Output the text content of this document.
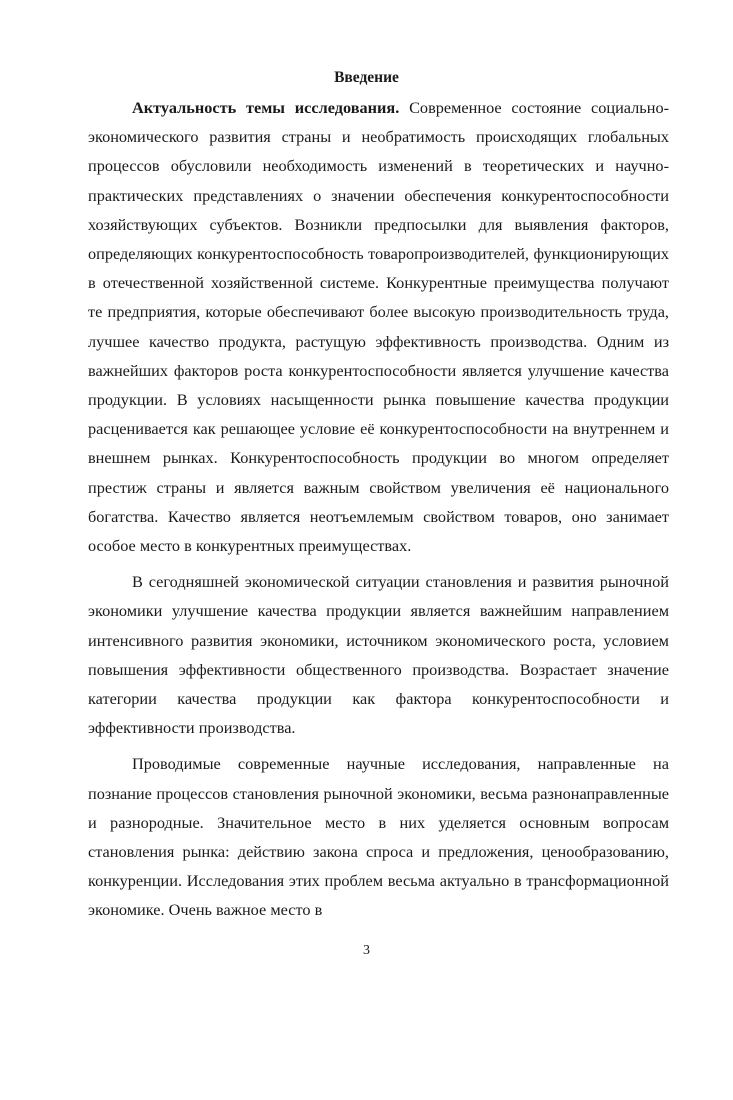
Введение

Актуальность темы исследования. Современное состояние социально-экономического развития страны и необратимость происходящих глобальных процессов обусловили необходимость изменений в теоретических и научно-практических представлениях о значении обеспечения конкурентоспособности хозяйствующих субъектов. Возникли предпосылки для выявления факторов, определяющих конкурентоспособность товаропроизводителей, функционирующих в отечественной хозяйственной системе. Конкурентные преимущества получают те предприятия, которые обеспечивают более высокую производительность труда, лучшее качество продукта, растущую эффективность производства. Одним из важнейших факторов роста конкурентоспособности является улучшение качества продукции. В условиях насыщенности рынка повышение качества продукции расценивается как решающее условие её конкурентоспособности на внутреннем и внешнем рынках. Конкурентоспособность продукции во многом определяет престиж страны и является важным свойством увеличения её национального богатства. Качество является неотъемлемым свойством товаров, оно занимает особое место в конкурентных преимуществах.

В сегодняшней экономической ситуации становления и развития рыночной экономики улучшение качества продукции является важнейшим направлением интенсивного развития экономики, источником экономического роста, условием повышения эффективности общественного производства. Возрастает значение категории качества продукции как фактора конкурентоспособности и эффективности производства.

Проводимые современные научные исследования, направленные на познание процессов становления рыночной экономики, весьма разнонаправленные и разнородные. Значительное место в них уделяется основным вопросам становления рынка: действию закона спроса и предложения, ценообразованию, конкуренции. Исследования этих проблем весьма актуально в трансформационной экономике. Очень важное место в

3
